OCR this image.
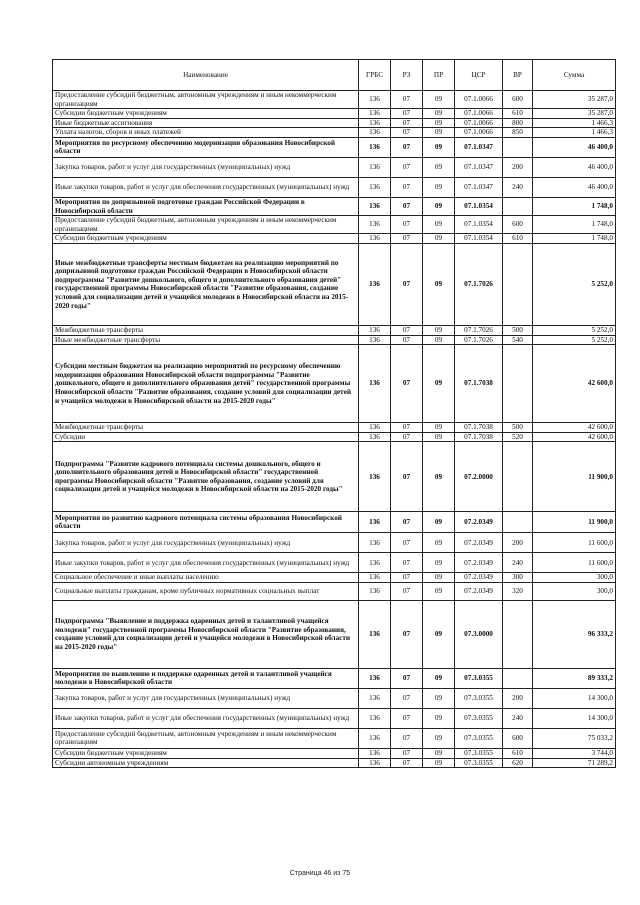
Наименование	ГРБС	РЗ	ПР	ЦСР	ВР	Сумма
Предоставление субсидий бюджетным, автономным учреждениям и иным некоммерческим организациям	136	07	09	07.1.0066	600	35 287,0
Субсидии бюджетным учреждениям	136	07	09	07.1.0066	610	35 287,0
Иные бюджетные ассигнования	136	07	09	07.1.0066	800	1 466,3
Уплата налогов, сборов и иных платежей	136	07	09	07.1.0066	850	1 466,3
Мероприятия по ресурсному обеспечению модернизации образования Новосибирской области	136	07	09	07.1.0347		46 400,0
Закупка товаров, работ и услуг для государственных (муниципальных) нужд	136	07	09	07.1.0347	200	46 400,0
Иные закупки товаров, работ и услуг для обеспечения государственных (муниципальных) нужд	136	07	09	07.1.0347	240	46 400,0
Мероприятия по допризывной подготовке граждан Российской Федерации в Новосибирской области	136	07	09	07.1.0354		1 748,0
Предоставление субсидий бюджетным, автономным учреждениям и иным некоммерческим организациям	136	07	09	07.1.0354	600	1 748,0
Субсидии бюджетным учреждениям	136	07	09	07.1.0354	610	1 748,0
Иные межбюджетные трансферты местным бюджетам на реализацию мероприятий по допризывной подготовке граждан Российской Федерации в Новосибирской области подпрограммы "Развитие дошкольного, общего и дополнительного образования детей" государственной программы Новосибирской области "Развитие образования, создание условий для социализации детей и учащейся молодежи в Новосибирской области на 2015-2020 годы"	136	07	09	07.1.7026		5 252,0
Межбюджетные трансферты	136	07	09	07.1.7026	500	5 252,0
Иные межбюджетные трансферты	136	07	09	07.1.7026	540	5 252,0
Субсидии местным бюджетам на реализацию мероприятий по ресурсному обеспечению модернизации образования Новосибирской области подпрограммы "Развитие дошкольного, общего и дополнительного образования детей" государственной программы Новосибирской области "Развитие образования, создание условий для социализации детей и учащейся молодежи в Новосибирской области на 2015-2020 годы"	136	07	09	07.1.7038		42 600,0
Межбюджетные трансферты	136	07	09	07.1.7038	500	42 600,0
Субсидии	136	07	09	07.1.7038	520	42 600,0
Подпрограмма "Развитие кадрового потенциала системы дошкольного, общего и дополнительного образования детей в Новосибирской области" государственной программы Новосибирской области "Развитие образования, создание условий для социализации детей и учащейся молодежи в Новосибирской области на 2015-2020 годы"	136	07	09	07.2.0000		11 900,0
Мероприятия по развитию кадрового потенциала системы образования Новосибирской области	136	07	09	07.2.0349		11 900,0
Закупка товаров, работ и услуг для государственных (муниципальных) нужд	136	07	09	07.2.0349	200	11 600,0
Иные закупки товаров, работ и услуг для обеспечения государственных (муниципальных) нужд	136	07	09	07.2.0349	240	11 600,0
Социальное обеспечение и иные выплаты населению	136	07	09	07.2.0349	300	300,0
Социальные выплаты гражданам, кроме публичных нормативных социальных выплат	136	07	09	07.2.0349	320	300,0
Подпрограмма "Выявление и поддержка одаренных детей и талантливой учащейся молодежи" государственной программы Новосибирской области "Развитие образования, создание условий для социализации детей и учащейся молодежи в Новосибирской области на 2015-2020 годы"	136	07	09	07.3.0000		96 333,2
Мероприятия по выявлению и поддержке одаренных детей и талантливой учащейся молодежи в Новосибирской области	136	07	09	07.3.0355		89 333,2
Закупка товаров, работ и услуг для государственных (муниципальных) нужд	136	07	09	07.3.0355	200	14 300,0
Иные закупки товаров, работ и услуг для обеспечения государственных (муниципальных) нужд	136	07	09	07.3.0355	240	14 300,0
Предоставление субсидий бюджетным, автономным учреждениям и иным некоммерческим организациям	136	07	09	07.3.0355	600	75 033,2
Субсидии бюджетным учреждениям	136	07	09	07.3.0355	610	3 744,0
Субсидии автономным учреждениям	136	07	09	07.3.0355	620	71 289,2
Страница 46 из 75
